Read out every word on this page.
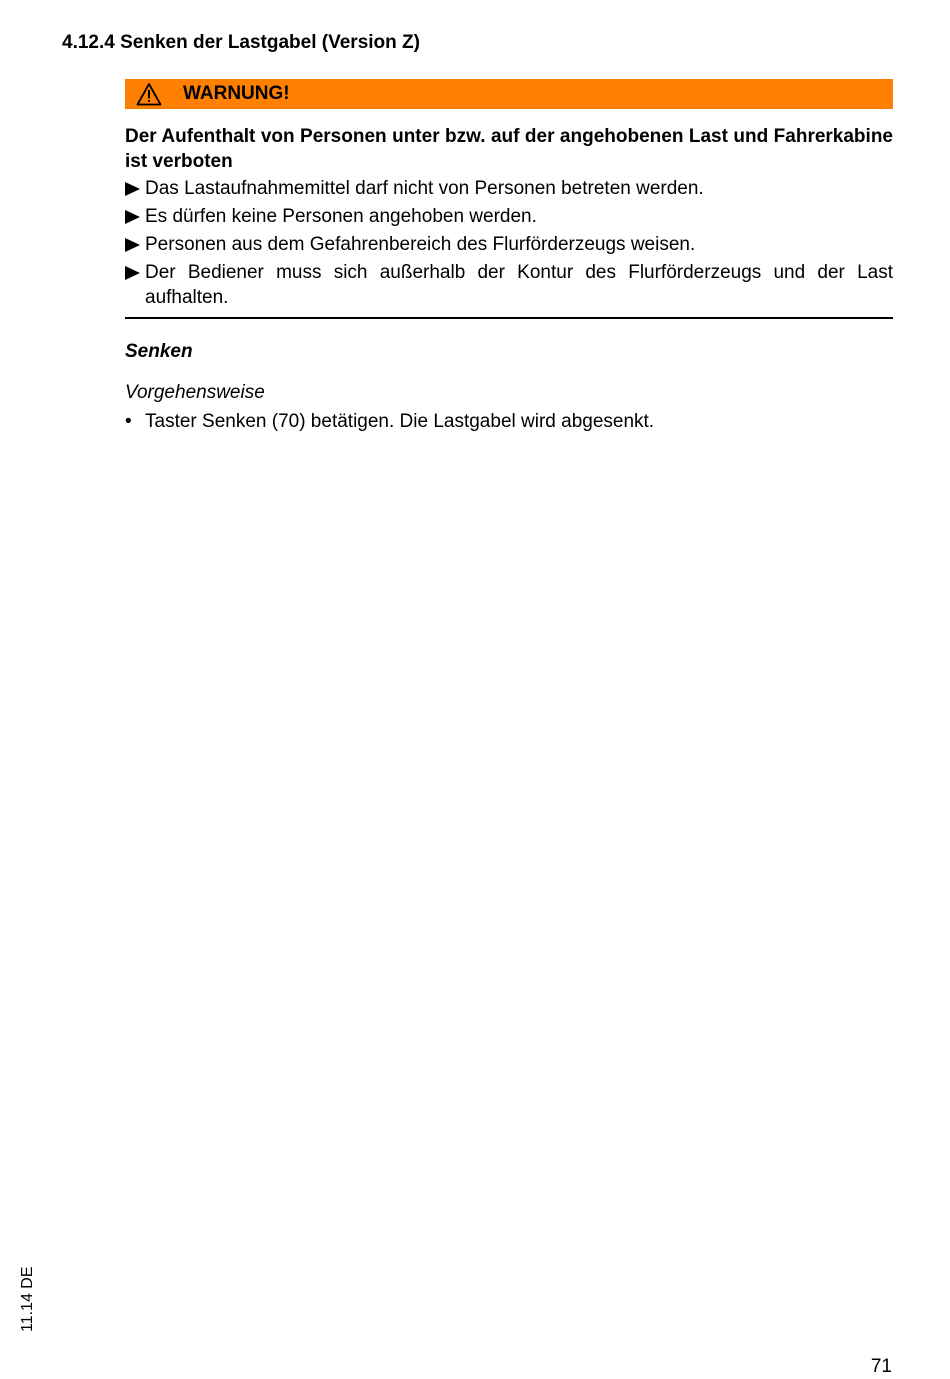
4.12.4 Senken der Lastgabel (Version Z)
WARNUNG!
Der Aufenthalt von Personen unter bzw. auf der angehobenen Last und Fahrerkabine ist verboten
Das Lastaufnahmemittel darf nicht von Personen betreten werden.
Es dürfen keine Personen angehoben werden.
Personen aus dem Gefahrenbereich des Flurförderzeugs weisen.
Der Bediener muss sich außerhalb der Kontur des Flurförderzeugs und der Last aufhalten.
Senken
Vorgehensweise
• Taster Senken (70) betätigen. Die Lastgabel wird abgesenkt.
11.14 DE
71
